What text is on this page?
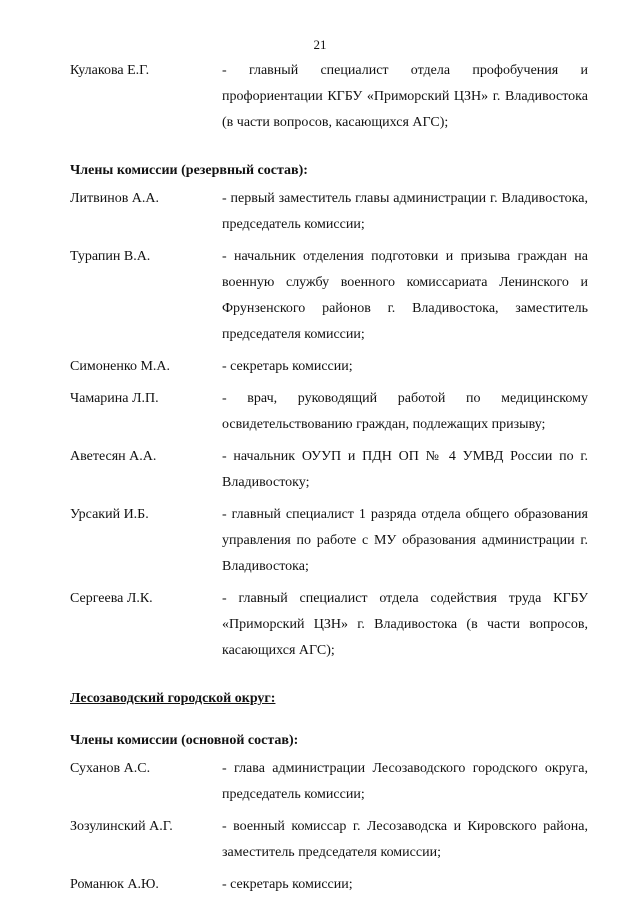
21
Кулакова Е.Г.	- главный специалист отдела профобучения и профориентации КГБУ «Приморский ЦЗН» г. Владивостока (в части вопросов, касающихся АГС);
Члены комиссии (резервный состав):
Литвинов А.А.	- первый заместитель главы администрации г. Владивостока, председатель комиссии;
Турапин В.А.	- начальник отделения подготовки и призыва граждан на военную службу военного комиссариата Ленинского и Фрунзенского районов г. Владивостока, заместитель председателя комиссии;
Симоненко М.А.	- секретарь комиссии;
Чамарина Л.П.	- врач, руководящий работой по медицинскому освидетельствованию граждан, подлежащих призыву;
Аветесян А.А.	- начальник ОУУП и ПДН ОП № 4 УМВД России по г. Владивостоку;
Урсакий И.Б.	- главный специалист 1 разряда отдела общего образования управления по работе с МУ образования администрации г. Владивостока;
Сергеева Л.К.	- главный специалист отдела содействия труда КГБУ «Приморский ЦЗН» г. Владивостока (в части вопросов, касающихся АГС);
Лесозаводский городской округ:
Члены комиссии (основной состав):
Суханов А.С.	- глава администрации Лесозаводского городского округа, председатель комиссии;
Зозулинский А.Г.	- военный комиссар г. Лесозаводска и Кировского района, заместитель председателя комиссии;
Романюк А.Ю.	- секретарь комиссии;
